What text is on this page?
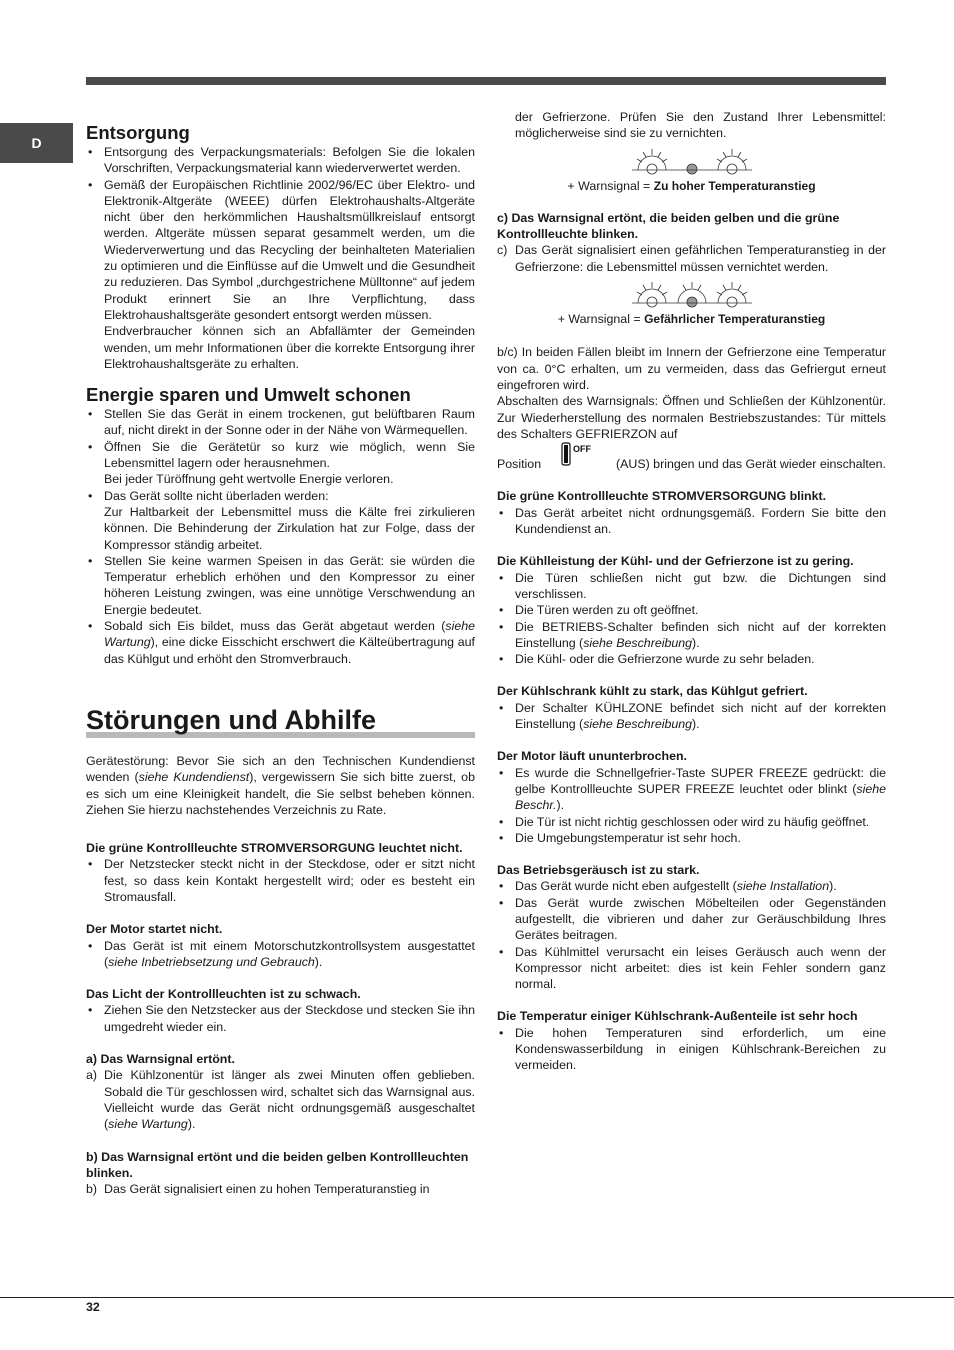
D Entsorgung
• Entsorgung des Verpackungsmaterials: Befolgen Sie die lokalen Vorschriften, Verpackungsmaterial kann wiederverwertet werden.
• Gemäß der Europäischen Richtlinie 2002/96/EC über Elektro- und Elektronik-Altgeräte (WEEE) dürfen Elektrohaushalts-Altgeräte nicht über den herkömmlichen Haushaltsmüllkreislauf entsorgt werden. Altgeräte müssen separat gesammelt werden, um die Wiederverwertung und das Recycling der beinhalteten Materialien zu optimieren und die Einflüsse auf die Umwelt und die Gesundheit zu reduzieren. Das Symbol „durchgestrichene Mülltonne“ auf jedem Produkt erinnert Sie an Ihre Verpflichtung, dass Elektrohaushaltsgeräte gesondert entsorgt werden müssen.
Endverbraucher können sich an Abfallämter der Gemeinden wenden, um mehr Informationen über die korrekte Entsorgung ihrer Elektrohaushaltsgeräte zu erhalten.
Energie sparen und Umwelt schonen
• Stellen Sie das Gerät in einem trockenen, gut belüftbaren Raum auf, nicht direkt in der Sonne oder in der Nähe von Wärmequellen.
• Öffnen Sie die Gerätetür so kurz wie möglich, wenn Sie Lebensmittel lagern oder herausnehmen.
Bei jeder Türöffnung geht wertvolle Energie verloren.
• Das Gerät sollte nicht überladen werden:
Zur Haltbarkeit der Lebensmittel muss die Kälte frei zirkulieren können. Die Behinderung der Zirkulation hat zur Folge, dass der Kompressor ständig arbeitet.
• Stellen Sie keine warmen Speisen in das Gerät: sie würden die Temperatur erheblich erhöhen und den Kompressor zu einer höheren Leistung zwingen, was eine unnötige Verschwendung an Energie bedeutet.
• Sobald sich Eis bildet, muss das Gerät abgetaut werden (siehe Wartung), eine dicke Eisschicht erschwert die Kälteübertragung auf das Kühlgut und erhöht den Stromverbrauch.
Störungen und Abhilfe

Gerätestörung: Bevor Sie sich an den Technischen Kundendienst wenden (siehe Kundendienst), vergewissern Sie sich bitte zuerst, ob es sich um eine Kleinigkeit handelt, die Sie selbst beheben können. Ziehen Sie hierzu nachstehendes Verzeichnis zu Rate.

Die grüne Kontrollleuchte STROMVERSORGUNG leuchtet nicht.
• Der Netzstecker steckt nicht in der Steckdose, oder er sitzt nicht fest, so dass kein Kontakt hergestellt wird; oder es besteht ein Stromausfall.
Der Motor startet nicht.
• Das Gerät ist mit einem Motorschutzkontrollsystem ausgestattet (siehe Inbetriebsetzung und Gebrauch).
Das Licht der Kontrollleuchten ist zu schwach.
• Ziehen Sie den Netzstecker aus der Steckdose und stecken Sie ihn umgedreht wieder ein.
a) Das Warnsignal ertönt.
a) Die Kühlzonentür ist länger als zwei Minuten offen geblieben. Sobald die Tür geschlossen wird, schaltet sich das Warnsignal aus. Vielleicht wurde das Gerät nicht ordnungsgemäß ausgeschaltet (siehe Wartung).
b) Das Warnsignal ertönt und die beiden gelben Kontrollleuchten blinken.
b) Das Gerät signalisiert einen zu hohen Temperaturanstieg in
der Gefrierzone. Prüfen Sie den Zustand Ihrer Lebensmittel: möglicherweise sind sie zu vernichten.
+ Warnsignal = Zu hoher Temperaturanstieg
c) Das Warnsignal ertönt, die beiden gelben und die grüne Kontrollleuchte blinken.
c) Das Gerät signalisiert einen gefährlichen Temperaturanstieg in der Gefrierzone: die Lebensmittel müssen vernichtet werden.
+ Warnsignal = Gefährlicher Temperaturanstieg

b/c) In beiden Fällen bleibt im Innern der Gefrierzone eine Temperatur von ca. 0°C erhalten, um zu vermeiden, dass das Gefriergut erneut eingefroren wird.

Abschalten des Warnsignals: Öffnen und Schließen der Kühlzonentür. Zur Wiederherstellung des normalen Bestriebszustandes: Tür mittels des Schalters GEFRIERZON auf

Position
OFF
(AUS) bringen und das Gerät wieder einschalten.
Die grüne Kontrollleuchte STROMVERSORGUNG blinkt.
• Das Gerät arbeitet nicht ordnungsgemäß. Fordern Sie bitte den Kundendienst an.
Die Kühlleistung der Kühl- und der Gefrierzone ist zu gering.
• Die Türen schließen nicht gut bzw. die Dichtungen sind verschlissen.
• Die Türen werden zu oft geöffnet.
• Die BETRIEBS-Schalter befinden sich nicht auf der korrekten Einstellung (siehe Beschreibung).
• Die Kühl- oder die Gefrierzone wurde zu sehr beladen.
Der Kühlschrank kühlt zu stark, das Kühlgut gefriert.
• Der Schalter KÜHLZONE befindet sich nicht auf der korrekten Einstellung (siehe Beschreibung).
Der Motor läuft ununterbrochen.
• Es wurde die Schnellgefrier-Taste SUPER FREEZE gedrückt: die gelbe Kontrollleuchte SUPER FREEZE leuchtet oder blinkt (siehe Beschr.).
• Die Tür ist nicht richtig geschlossen oder wird zu häufig geöffnet.
• Die Umgebungstemperatur ist sehr hoch.
Das Betriebsgeräusch ist zu stark.
• Das Gerät wurde nicht eben aufgestellt (siehe Installation).
• Das Gerät wurde zwischen Möbelteilen oder Gegenständen aufgestellt, die vibrieren und daher zur Geräuschbildung Ihres Gerätes beitragen.
• Das Kühlmittel verursacht ein leises Geräusch auch wenn der Kompressor nicht arbeitet: dies ist kein Fehler sondern ganz normal.
Die Temperatur einiger Kühlschrank-Außenteile ist sehr hoch
• Die hohen Temperaturen sind erforderlich, um eine Kondenswasserbildung in einigen Kühlschrank-Bereichen zu vermeiden.
32
